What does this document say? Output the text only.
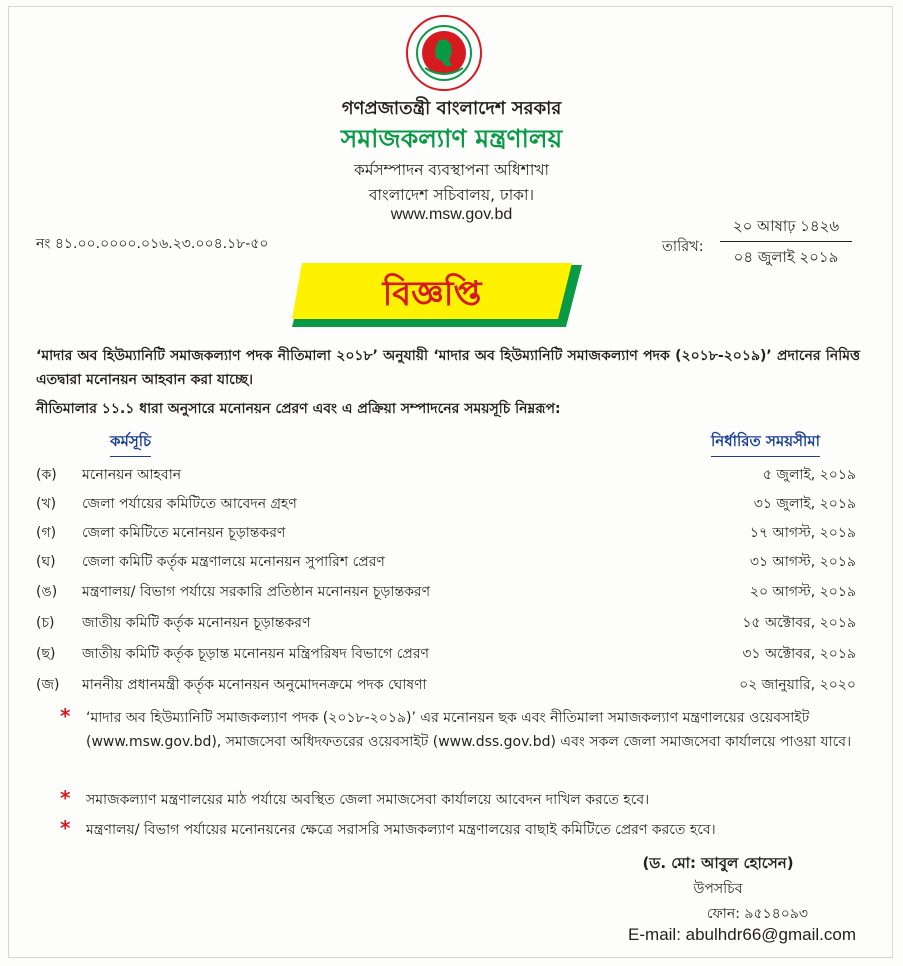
গণপ্রজাতন্ত্রী বাংলাদেশ সরকার
সমাজকল্যাণ মন্ত্রণালয়
কর্মসম্পাদন ব্যবস্থাপনা অধিশাখা
বাংলাদেশ সচিবালয়, ঢাকা।
www.msw.gov.bd
নং ৪১.০০.০০০০.০১৬.২৩.০০৪.১৮-৫০	তারিখ:
২০ আষাঢ় ১৪২৬
০৪ জুলাই ২০১৯
বিজ্ঞপ্তি
‘মাদার অব হিউম্যানিটি সমাজকল্যাণ পদক নীতিমালা ২০১৮’ অনুযায়ী ‘মাদার অব হিউম্যানিটি সমাজকল্যাণ পদক (২০১৮-২০১৯)’ প্রদানের নিমিত্ত এতদ্বারা মনোনয়ন আহবান করা যাচ্ছে।
নীতিমালার ১১.১ ধারা অনুসারে মনোনয়ন প্রেরণ এবং এ প্রক্রিয়া সম্পাদনের সময়সূচি নিম্নরূপ:
কর্মসূচি	নির্ধারিত সময়সীমা
(ক) মনোনয়ন আহবান	৫ জুলাই, ২০১৯
(খ) জেলা পর্যায়ের কমিটিতে আবেদন গ্রহণ	৩১ জুলাই, ২০১৯
(গ) জেলা কমিটিতে মনোনয়ন চূড়ান্তকরণ	১৭ আগস্ট, ২০১৯
(ঘ) জেলা কমিটি কর্তৃক মন্ত্রণালয়ে মনোনয়ন সুপারিশ প্রেরণ	৩১ আগস্ট, ২০১৯
(ঙ) মন্ত্রণালয়/ বিভাগ পর্যায়ে সরকারি প্রতিষ্ঠান মনোনয়ন চূড়ান্তকরণ	২০ আগস্ট, ২০১৯
(চ) জাতীয় কমিটি কর্তৃক মনোনয়ন চূড়ান্তকরণ	১৫ অক্টোবর, ২০১৯
(ছ) জাতীয় কমিটি কর্তৃক চূড়ান্ত মনোনয়ন মন্ত্রিপরিষদ বিভাগে প্রেরণ	৩১ অক্টোবর, ২০১৯
(জ) মাননীয় প্রধানমন্ত্রী কর্তৃক মনোনয়ন অনুমোদনক্রমে পদক ঘোষণা	০২ জানুয়ারি, ২০২০
* ‘মাদার অব হিউম্যানিটি সমাজকল্যাণ পদক (২০১৮-২০১৯)’ এর মনোনয়ন ছক এবং নীতিমালা সমাজকল্যাণ মন্ত্রণালয়ের ওয়েবসাইট (www.msw.gov.bd), সমাজসেবা অধিদফতরের ওয়েবসাইট (www.dss.gov.bd) এবং সকল জেলা সমাজসেবা কার্যালয়ে পাওয়া যাবে।
* সমাজকল্যাণ মন্ত্রণালয়ের মাঠ পর্যায়ে অবস্থিত জেলা সমাজসেবা কার্যালয়ে আবেদন দাখিল করতে হবে।
* মন্ত্রণালয়/ বিভাগ পর্যায়ের মনোনয়নের ক্ষেত্রে সরাসরি সমাজকল্যাণ মন্ত্রণালয়ের বাছাই কমিটিতে প্রেরণ করতে হবে।
(ড. মো: আবুল হোসেন)
উপসচিব
ফোন: ৯৫১৪০৯৩
E-mail: abulhdr66@gmail.com
